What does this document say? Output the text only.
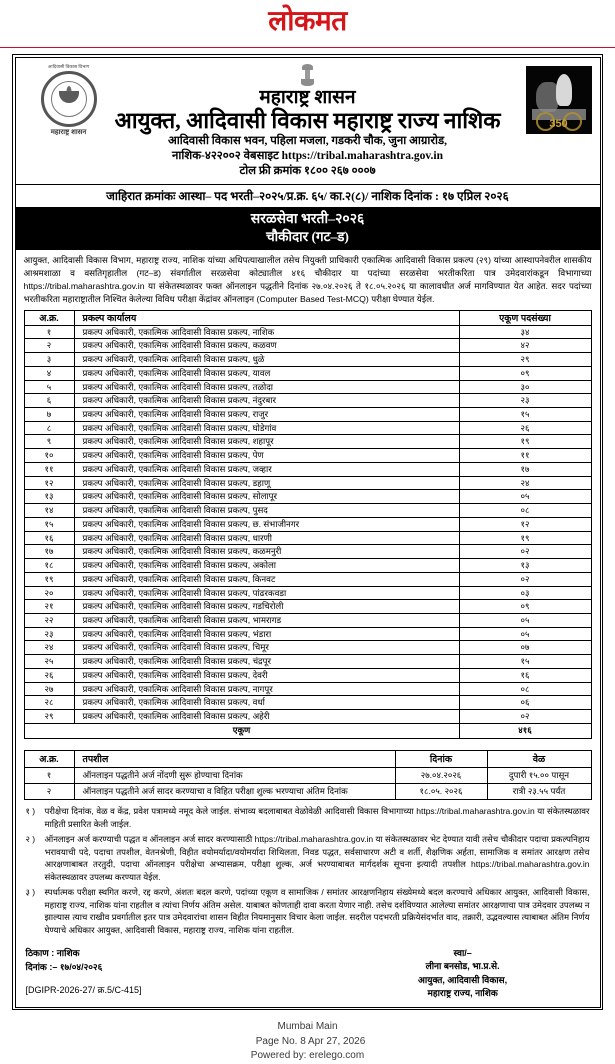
लोकमत
आदिवासी विकास विभाग
महाराष्ट्र शासन
350
महाराष्ट्र शासन
आयुक्त, आदिवासी विकास महाराष्ट्र राज्य नाशिक
आदिवासी विकास भवन, पहिला मजला, गडकरी चौक, जुना आग्रारोड,
नाशिक-४२२००२ वेबसाइट https://tribal.maharashtra.gov.in
टोल फ्री क्रमांक १८०० २६७ ०००७
जाहिरात क्रमांकः आस्था– पद भरती–२०२५/प्र.क्र. ६५/ का.२(८)/ नाशिक दिनांक : १७ एप्रिल २०२६
सरळसेवा भरती–२०२६
चौकीदार (गट–ड)
आयुक्त, आदिवासी विकास विभाग, महाराष्ट्र राज्य, नाशिक यांच्या अधिपत्याखालील तसेच नियुक्ती प्राधिकारी एकात्मिक आदिवासी विकास प्रकल्प (२९) यांच्या आस्थापनेवरील शासकीय आश्रमशाळा व वसतिगृहातील (गट–ड) संवर्गातील सरळसेवा कोट्यातील ४१६ चौकीदार या पदांच्या सरळसेवा भरतीकरिता पात्र उमेदवारांकडून विभागाच्या https://tribal.maharashtra.gov.in या संकेतस्थळावर फक्त ऑनलाइन पद्धतीने दिनांक २७.०४.२०२६ ते १८.०५.२०२६ या कालावधीत अर्ज मागविण्यात येत आहेत. सदर पदांच्या भरतीकरिता महाराष्ट्रातील निश्चित केलेल्या विविध परीक्षा केंद्रांवर ऑनलाइन (Computer Based Test-MCQ) परीक्षा घेण्यात येईल.
अ.क्र.	प्रकल्प कार्यालय	एकूण पदसंख्या
१	प्रकल्प अधिकारी, एकात्मिक आदिवासी विकास प्रकल्प, नाशिक	३४
२	प्रकल्प अधिकारी, एकात्मिक आदिवासी विकास प्रकल्प, कळवण	४२
३	प्रकल्प अधिकारी, एकात्मिक आदिवासी विकास प्रकल्प, धुळे	२९
४	प्रकल्प अधिकारी, एकात्मिक आदिवासी विकास प्रकल्प, यावल	०९
५	प्रकल्प अधिकारी, एकात्मिक आदिवासी विकास प्रकल्प, तळोदा	३०
६	प्रकल्प अधिकारी, एकात्मिक आदिवासी विकास प्रकल्प, नंदुरबार	२३
७	प्रकल्प अधिकारी, एकात्मिक आदिवासी विकास प्रकल्प, राजुर	१५
८	प्रकल्प अधिकारी, एकात्मिक आदिवासी विकास प्रकल्प, घोडेगांव	२६
९	प्रकल्प अधिकारी, एकात्मिक आदिवासी विकास प्रकल्प, शहापूर	१९
१०	प्रकल्प अधिकारी, एकात्मिक आदिवासी विकास प्रकल्प, पेण	११
११	प्रकल्प अधिकारी, एकात्मिक आदिवासी विकास प्रकल्प, जव्हार	१७
१२	प्रकल्प अधिकारी, एकात्मिक आदिवासी विकास प्रकल्प, डहाणू	२४
१३	प्रकल्प अधिकारी, एकात्मिक आदिवासी विकास प्रकल्प, सोलापूर	०५
१४	प्रकल्प अधिकारी, एकात्मिक आदिवासी विकास प्रकल्प, पुसद	०८
१५	प्रकल्प अधिकारी, एकात्मिक आदिवासी विकास प्रकल्प, छ. संभाजीनगर	१२
१६	प्रकल्प अधिकारी, एकात्मिक आदिवासी विकास प्रकल्प, धारणी	१९
१७	प्रकल्प अधिकारी, एकात्मिक आदिवासी विकास प्रकल्प, कळमनुरी	०२
१८	प्रकल्प अधिकारी, एकात्मिक आदिवासी विकास प्रकल्प, अकोला	१३
१९	प्रकल्प अधिकारी, एकात्मिक आदिवासी विकास प्रकल्प, किनवट	०२
२०	प्रकल्प अधिकारी, एकात्मिक आदिवासी विकास प्रकल्प, पांढरकवडा	०३
२१	प्रकल्प अधिकारी, एकात्मिक आदिवासी विकास प्रकल्प, गडचिरोली	०९
२२	प्रकल्प अधिकारी, एकात्मिक आदिवासी विकास प्रकल्प, भामरागड	०५
२३	प्रकल्प अधिकारी, एकात्मिक आदिवासी विकास प्रकल्प, भंडारा	०५
२४	प्रकल्प अधिकारी, एकात्मिक आदिवासी विकास प्रकल्प, चिमूर	०७
२५	प्रकल्प अधिकारी, एकात्मिक आदिवासी विकास प्रकल्प, चंद्रपूर	१५
२६	प्रकल्प अधिकारी, एकात्मिक आदिवासी विकास प्रकल्प, देवरी	१६
२७	प्रकल्प अधिकारी, एकात्मिक आदिवासी विकास प्रकल्प, नागपूर	०८
२८	प्रकल्प अधिकारी, एकात्मिक आदिवासी विकास प्रकल्प, वर्धा	०६
२९	प्रकल्प अधिकारी, एकात्मिक आदिवासी विकास प्रकल्प, अहेरी	०२
एकूण		४१६
अ.क्र.	तपशील	दिनांक	वेळ
१	ऑनलाइन पद्धतीने अर्ज नोंदणी सुरू होण्याचा दिनांक	२७.०४.२०२६	दुपारी १५.०० पासून
२	ऑनलाइन पद्धतीने अर्ज सादर करण्याचा व विहित परीक्षा शुल्क भरण्याचा अंतिम दिनांक	१८.०५. २०२६	रात्री २३.५५ पर्यंत
१ )	परीक्षेचा दिनांक, वेळ व केंद्र, प्रवेश पत्रामध्ये नमूद केले जाईल. संभाव्य बदलाबाबत वेळोवेळी आदिवासी विकास विभागाच्या https://tribal.maharashtra.gov.in या संकेतस्थळावर माहिती प्रसारित केली जाईल.
२ )	ऑनलाइन अर्ज करण्याची पद्धत व ऑनलाइन अर्ज सादर करण्यासाठी https://tribal.maharashtra.gov.in या संकेतस्थळावर भेट देण्यात यावी तसेच चौकीदार पदाचा प्रकल्पनिहाय भरावयाची पदे, पदाचा तपशील, वेतनश्रेणी, विहीत वयोमर्यादा/वयोमर्यादा शिथिलता, निवड पद्धत, सर्वसाधारण अटी व शर्ती, शैक्षणिक अर्हता, सामाजिक व समांतर आरक्षण तसेच आरक्षणाबाबत तरतुदी, पदाचा ऑनलाइन परीक्षेचा अभ्यासक्रम, परीक्षा शुल्क, अर्ज भरण्याबाबत मार्गदर्शक सूचना इत्यादी तपशील https://tribal.maharashtra.gov.in संकेतस्थळावर उपलब्ध करण्यात येईल.
३ )	स्पर्धात्मक परीक्षा स्थगित करणे, रद्द करणे, अंशतः बदल करणे, पदांच्या एकूण व सामाजिक / समांतर आरक्षणनिहाय संख्येमध्ये बदल करण्याचे अधिकार आयुक्त, आदिवासी विकास, महाराष्ट्र राज्य, नाशिक यांना राहतील व त्यांचा निर्णय अंतिम असेल. याबाबत कोणताही दावा करता येणार नाही. तसेच दर्शविण्यात आलेल्या समांतर आरक्षणाचा पात्र उमेदवार उपलब्ध न झाल्यास त्याच राखीव प्रवर्गातील इतर पात्र उमेदवारांचा शासन विहीत नियमानुसार विचार केला जाईल. सदरील पदभरती प्रक्रियेसंदर्भात वाद, तक्रारी, उद्भवल्यास त्याबाबत अंतिम निर्णय घेण्याचे अधिकार आयुक्त, आदिवासी विकास, महाराष्ट्र राज्य, नाशिक यांना राहतील.
ठिकाण : नाशिक
दिनांक :– १७/०४/२०२६
[DGIPR-2026-27/ क्र.5/C-415]
स्वा/–
लीना बनसोड, भा.प्र.से.
आयुक्त, आदिवासी विकास,
महाराष्ट्र राज्य, नाशिक
Mumbai Main
Page No. 8 Apr 27, 2026
Powered by: erelego.com
